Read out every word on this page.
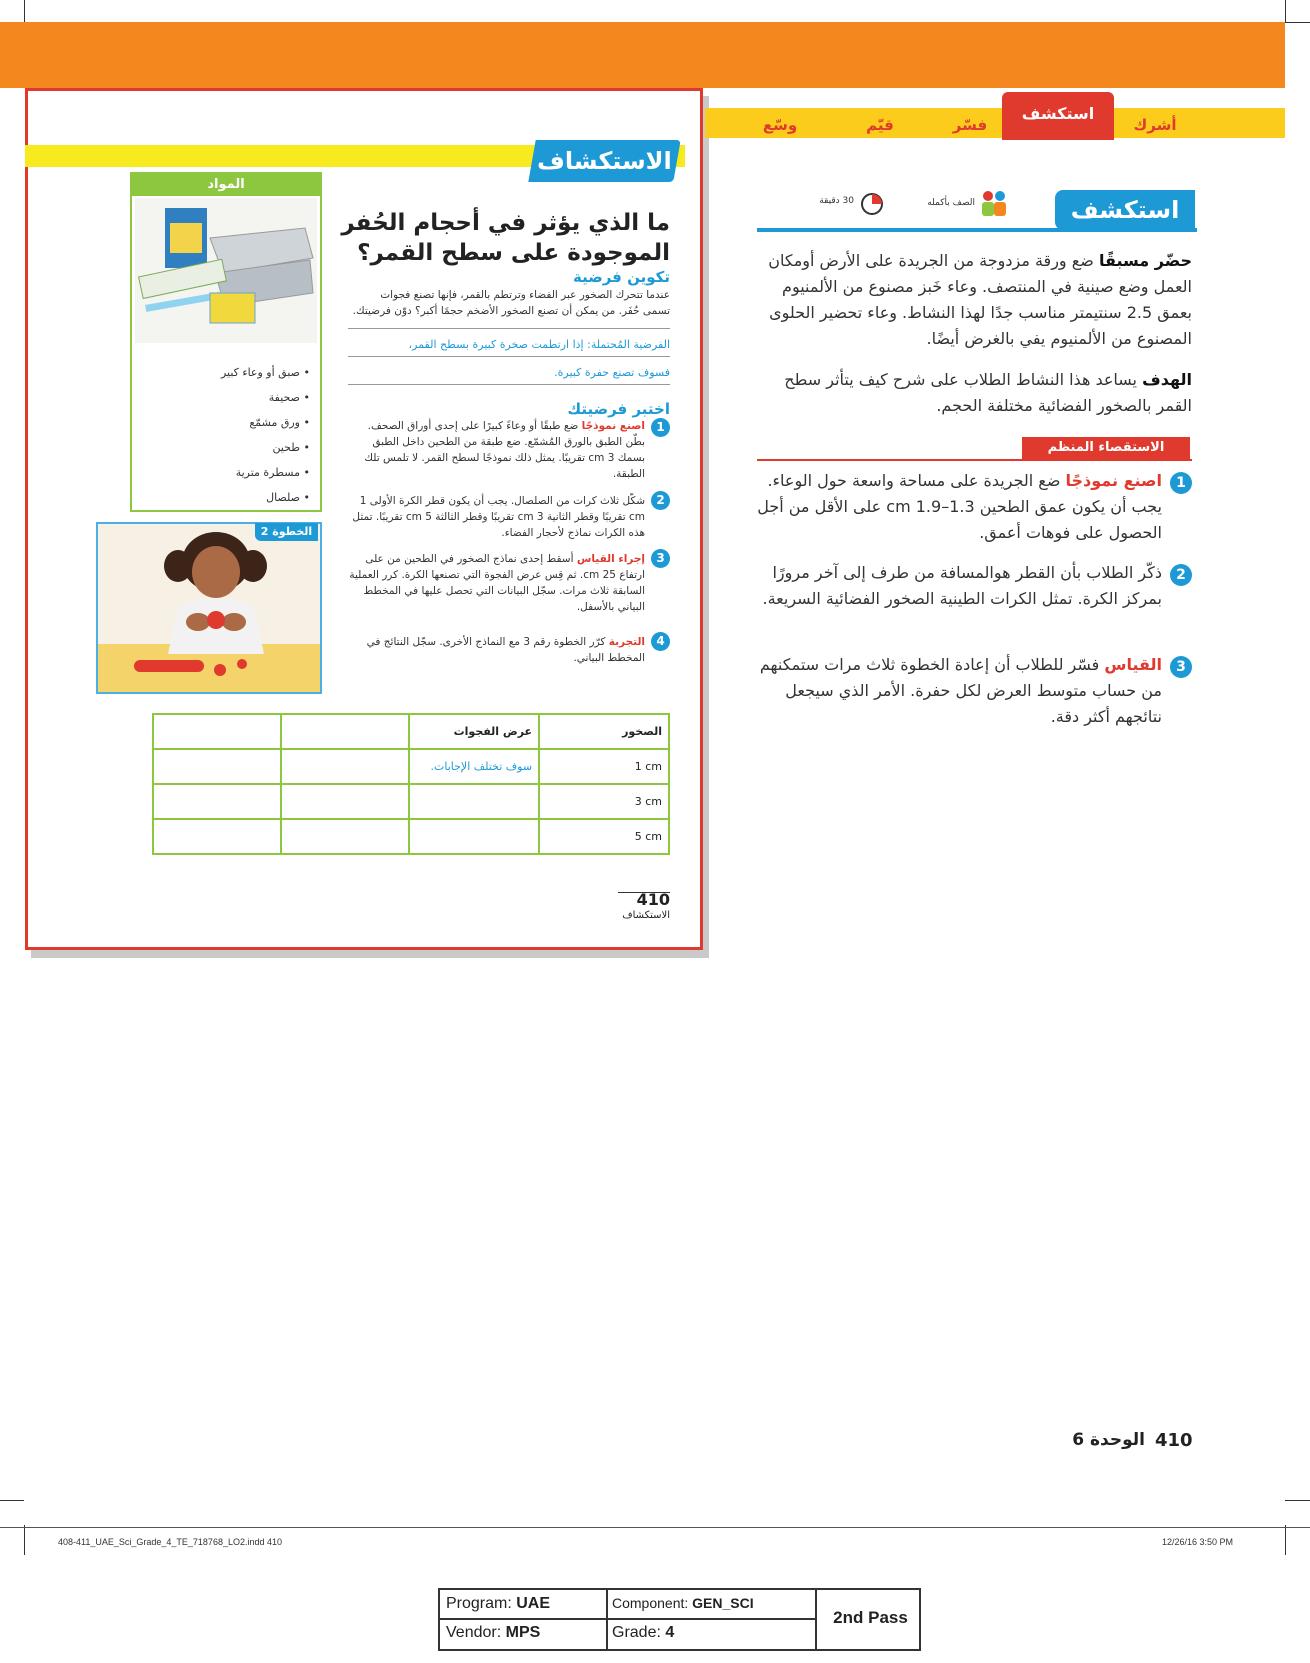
الاستكشاف
ما الذي يؤثر في أحجام الحُفر
الموجودة على سطح القمر؟
تكوين فرضية
عندما تتحرك الصخور عبر الفضاء وترتطم بالقمر، فإنها تصنع فجوات
تسمى حُفَر. من يمكن أن تصنع الصخور الأضخم حجمًا أكبر؟ دوّن فرضيتك.
الفرضية المُحتملة: إذا ارتطمت صخرة كبيرة بسطح القمر،
فسوف تصنع حفرة كبيرة.
اختبر فرضيتك
1
اصنع نموذجًا ضع طبقًا أو وعاءً كبيرًا على إحدى أوراق الصحف. بطّن الطبق بالورق المُشمّع. ضع طبقة من الطحين داخل الطبق بسمك 3 cm تقريبًا. يمثل ذلك نموذجًا لسطح القمر. لا تلمس تلك الطبقة.
2
شكّل ثلاث كرات من الصلصال. يجب أن يكون قطر الكرة الأولى 1 cm تقريبًا وقطر الثانية 3 cm تقريبًا وقطر الثالثة 5 cm تقريبًا. تمثل هذه الكرات نماذج لأحجار الفضاء.
3
إجراء القياس أسقط إحدى نماذج الصخور في الطحين من على ارتفاع 25 cm. ثم قِس عرض الفجوة التي تصنعها الكرة. كرر العملية السابقة ثلاث مرات. سجّل البيانات التي تحصل عليها في المخطط البياني بالأسفل.
4
التجربة كرّر الخطوة رقم 3 مع النماذج الأخرى. سجّل النتائج في المخطط البياني.
المواد
• صبق أو وعاء كبير
• صحيفة
• ورق مشمّع
• طحين
• مسطرة مترية
• صلصال
الخطوة 2
الصخور	عرض الفجوات		
1 cm	سوف تختلف الإجابات.		
3 cm			
5 cm			
410
الاستكشاف
أشرك
استكشف
فسّر
قيّم
وسّع
استكشف
الصف بأكمله
30 دقيقة
حضّر مسبقًا ضع ورقة مزدوجة من الجريدة على الأرض أومكان العمل وضع صينية في المنتصف. وعاء خَبز مصنوع من الألمنيوم بعمق 2.5 سنتيمتر مناسب جدًا لهذا النشاط. وعاء تحضير الحلوى المصنوع من الألمنيوم يفي بالغرض أيضًا.
الهدف يساعد هذا النشاط الطلاب على شرح كيف يتأثر سطح القمر بالصخور الفضائية مختلفة الحجم.
الاستقصاء المنظم
1
اصنع نموذجًا ضع الجريدة على مساحة واسعة حول الوعاء. يجب أن يكون عمق الطحين 1.3–1.9 cm على الأقل من أجل الحصول على فوهات أعمق.
2
ذكّر الطلاب بأن القطر هوالمسافة من طرف إلى آخر مرورًا بمركز الكرة. تمثل الكرات الطينية الصخور الفضائية السريعة.
3
القياس فسّر للطلاب أن إعادة الخطوة ثلاث مرات ستمكنهم من حساب متوسط العرض لكل حفرة. الأمر الذي سيجعل نتائجهم أكثر دقة.
410
الوحدة 6
408-411_UAE_Sci_Grade_4_TE_718768_LO2.indd 410	12/26/16 3:50 PM
Program: UAE	Component: GEN_SCI
Vendor: MPS	Grade: 4
2nd Pass
